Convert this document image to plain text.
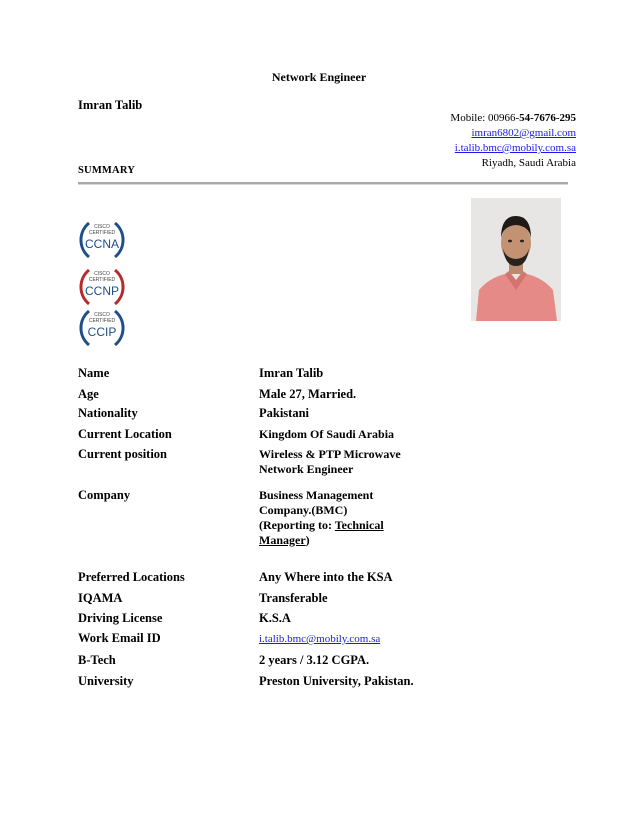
Network Engineer
Imran Talib
Mobile: 00966-54-7676-295
imran6802@gmail.com
i.talib.bmc@mobily.com.sa
Riyadh, Saudi Arabia
SUMMARY
CISCO
CERTIFIED
CCNA
CISCO
CERTIFIED
CCNP
CISCO
CERTIFIED
CCIP
Name	Imran Talib
Age	Male 27, Married.
Nationality	Pakistani
Current Location	Kingdom Of Saudi Arabia
Current position	Wireless & PTP Microwave Network Engineer
Company	Business Management Company.(BMC)
(Reporting to: Technical Manager)
Preferred Locations	Any Where into the KSA
IQAMA	Transferable
Driving License	K.S.A
Work Email ID	i.talib.bmc@mobily.com.sa
B-Tech	2 years / 3.12 CGPA.
University	Preston University, Pakistan.
